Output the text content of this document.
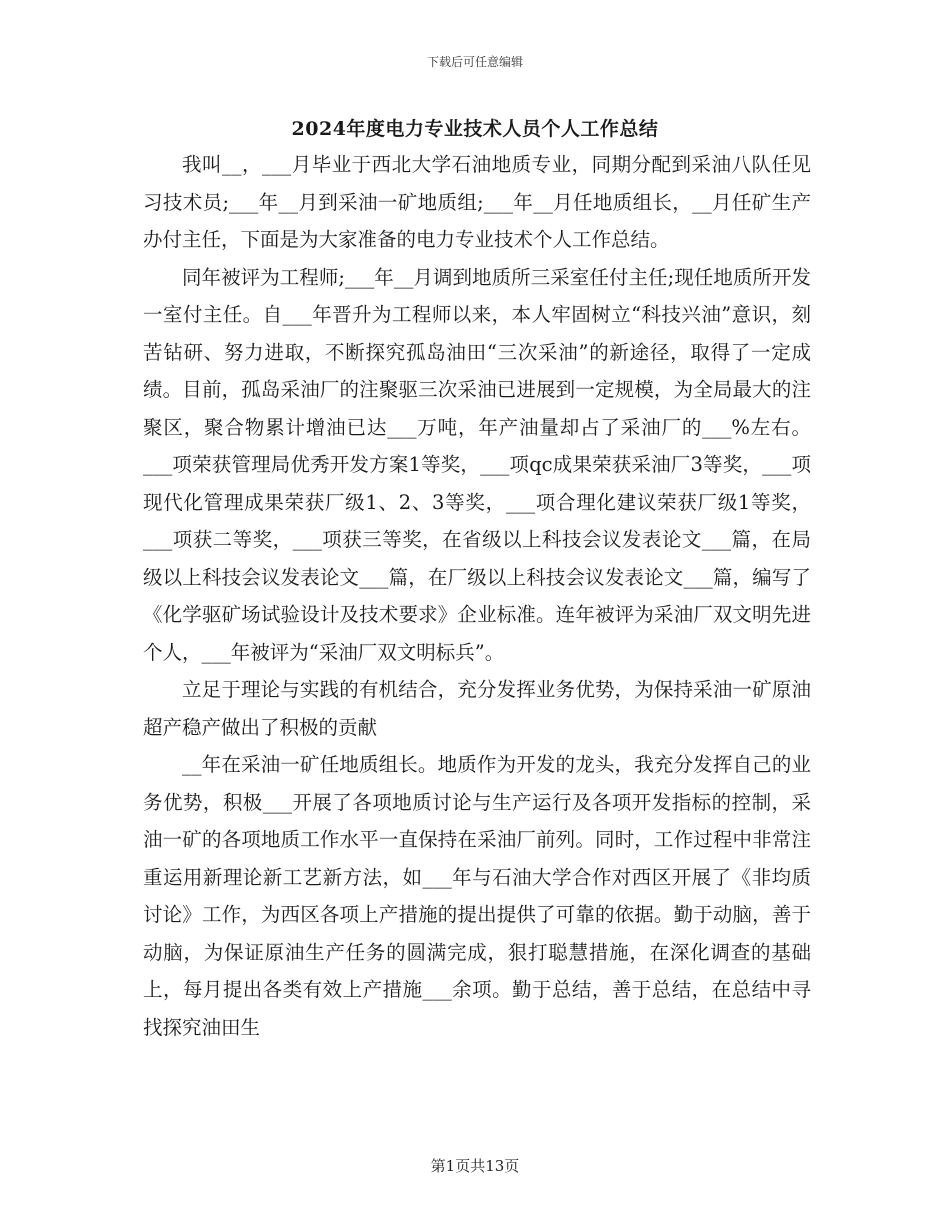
下载后可任意编辑
2024年度电力专业技术人员个人工作总结

我叫__，___月毕业于西北大学石油地质专业，同期分配到采油八队任见习技术员;___年__月到采油一矿地质组;___年__月任地质组长，__月任矿生产办付主任，下面是为大家准备的电力专业技术个人工作总结。

同年被评为工程师;___年__月调到地质所三采室任付主任;现任地质所开发一室付主任。自___年晋升为工程师以来，本人牢固树立“科技兴油”意识，刻苦钻研、努力进取，不断探究孤岛油田“三次采油”的新途径，取得了一定成绩。目前，孤岛采油厂的注聚驱三次采油已进展到一定规模，为全局最大的注聚区，聚合物累计增油已达___万吨，年产油量却占了采油厂的___%左右。___项荣获管理局优秀开发方案1等奖，___项qc成果荣获采油厂3等奖，___项现代化管理成果荣获厂级1、2、3等奖，___项合理化建议荣获厂级1等奖，___项获二等奖，___项获三等奖，在省级以上科技会议发表论文___篇，在局级以上科技会议发表论文___篇，在厂级以上科技会议发表论文___篇，编写了《化学驱矿场试验设计及技术要求》企业标准。连年被评为采油厂双文明先进个人，___年被评为“采油厂双文明标兵”。

立足于理论与实践的有机结合，充分发挥业务优势，为保持采油一矿原油超产稳产做出了积极的贡献

__年在采油一矿任地质组长。地质作为开发的龙头，我充分发挥自己的业务优势，积极___开展了各项地质讨论与生产运行及各项开发指标的控制，采油一矿的各项地质工作水平一直保持在采油厂前列。同时，工作过程中非常注重运用新理论新工艺新方法，如___年与石油大学合作对西区开展了《非均质讨论》工作，为西区各项上产措施的提出提供了可靠的依据。勤于动脑，善于动脑，为保证原油生产任务的圆满完成，狠打聪慧措施，在深化调查的基础上，每月提出各类有效上产措施___余项。勤于总结，善于总结，在总结中寻找探究油田生

第1页共13页
